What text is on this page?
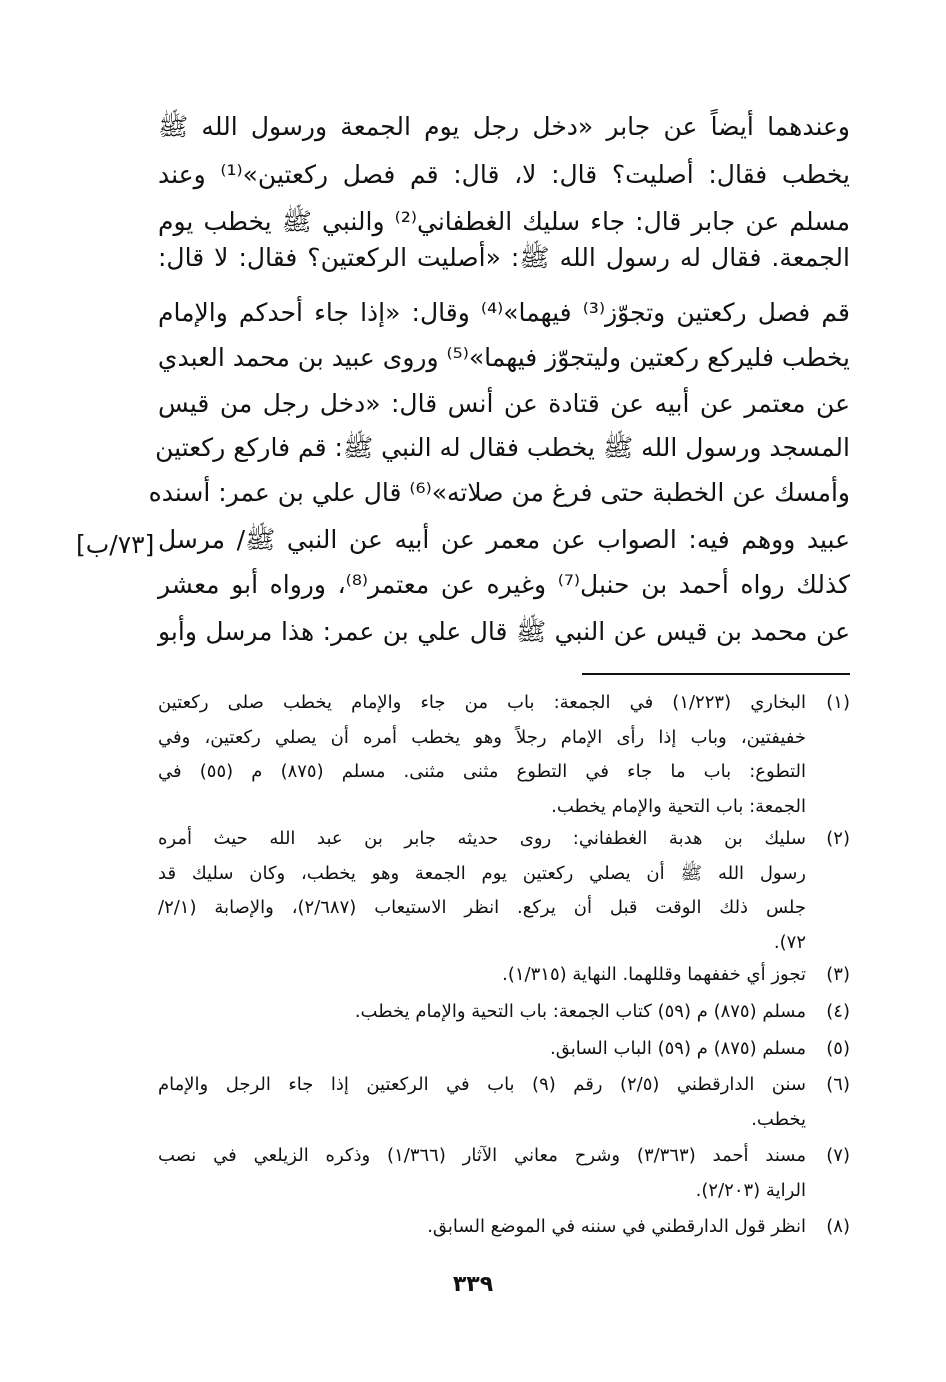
وعندهما أيضاً عن جابر «دخل رجل يوم الجمعة ورسول الله ﷺ
يخطب فقال: أصليت؟ قال: لا، قال: قم فصل ركعتين»⁽¹⁾ وعند
مسلم عن جابر قال: جاء سليك الغطفاني⁽²⁾ والنبي ﷺ يخطب يوم
الجمعة. فقال له رسول الله ﷺ: «أصليت الركعتين؟ فقال: لا قال:
قم فصل ركعتين وتجوّز⁽³⁾ فيهما»⁽⁴⁾ وقال: «إذا جاء أحدكم والإمام
يخطب فليركع ركعتين وليتجوّز فيهما»⁽⁵⁾ وروى عبيد بن محمد العبدي
عن معتمر عن أبيه عن قتادة عن أنس قال: «دخل رجل من قيس
المسجد ورسول الله ﷺ يخطب فقال له النبي ﷺ: قم فاركع ركعتين
وأمسك عن الخطبة حتى فرغ من صلاته»⁽⁶⁾ قال علي بن عمر: أسنده
عبيد ووهم فيه: الصواب عن معمر عن أبيه عن النبي ﷺ/ مرسل
كذلك رواه أحمد بن حنبل⁽⁷⁾ وغيره عن معتمر⁽⁸⁾، ورواه أبو معشر
عن محمد بن قيس عن النبي ﷺ قال علي بن عمر: هذا مرسل وأبو
[٧٣/ب]
(١)
البخاري (١/٢٢٣) في الجمعة: باب من جاء والإمام يخطب صلى ركعتين
خفيفتين، وباب إذا رأى الإمام رجلاً وهو يخطب أمره أن يصلي ركعتين، وفي
التطوع: باب ما جاء في التطوع مثنى مثنى. مسلم (٨٧٥) م (٥٥) في
الجمعة: باب التحية والإمام يخطب.
(٢)
سليك بن هدبة الغطفاني: روى حديثه جابر بن عبد الله حيث أمره
رسول الله ﷺ أن يصلي ركعتين يوم الجمعة وهو يخطب، وكان سليك قد
جلس ذلك الوقت قبل أن يركع. انظر الاستيعاب (٢/٦٨٧)، والإصابة (٢/١/
٧٢).
(٣)
تجوز أي خففهما وقللهما. النهاية (١/٣١٥).
(٤)
مسلم (٨٧٥) م (٥٩) كتاب الجمعة: باب التحية والإمام يخطب.
(٥)
مسلم (٨٧٥) م (٥٩) الباب السابق.
(٦)
سنن الدارقطني (٢/٥) رقم (٩) باب في الركعتين إذا جاء الرجل والإمام
يخطب.
(٧)
مسند أحمد (٣/٣٦٣) وشرح معاني الآثار (١/٣٦٦) وذكره الزيلعي في نصب
الراية (٢/٢٠٣).
(٨)
انظر قول الدارقطني في سننه في الموضع السابق.
٣٣٩
